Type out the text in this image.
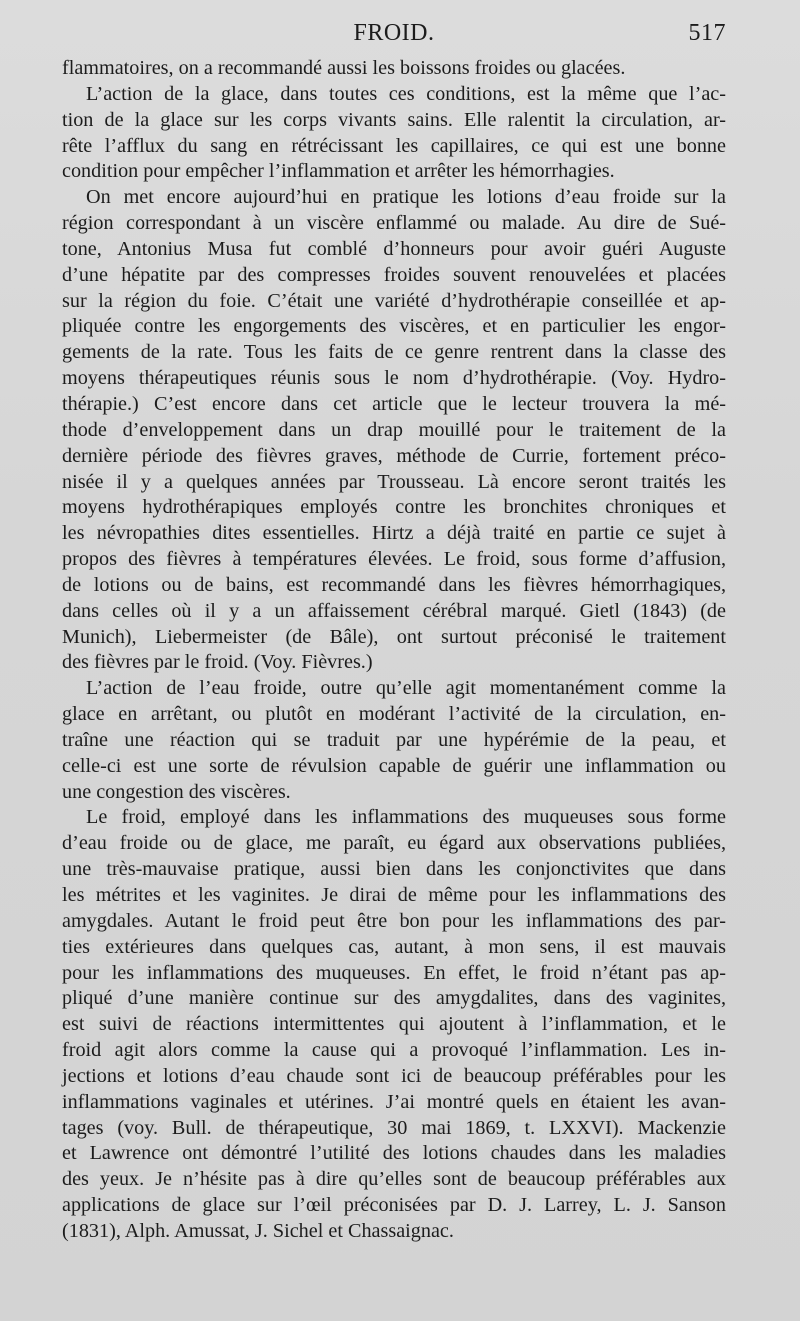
FROID.	517
flammatoires, on a recommandé aussi les boissons froides ou glacées.
L’action de la glace, dans toutes ces conditions, est la même que l’ac-
tion de la glace sur les corps vivants sains. Elle ralentit la circulation, ar-
rête l’afflux du sang en rétrécissant les capillaires, ce qui est une bonne
condition pour empêcher l’inflammation et arrêter les hémorrhagies.
On met encore aujourd’hui en pratique les lotions d’eau froide sur la
région correspondant à un viscère enflammé ou malade. Au dire de Sué-
tone, Antonius Musa fut comblé d’honneurs pour avoir guéri Auguste
d’une hépatite par des compresses froides souvent renouvelées et placées
sur la région du foie. C’était une variété d’hydrothérapie conseillée et ap-
pliquée contre les engorgements des viscères, et en particulier les engor-
gements de la rate. Tous les faits de ce genre rentrent dans la classe des
moyens thérapeutiques réunis sous le nom d’hydrothérapie. (Voy. Hydro-
thérapie.) C’est encore dans cet article que le lecteur trouvera la mé-
thode d’enveloppement dans un drap mouillé pour le traitement de la
dernière période des fièvres graves, méthode de Currie, fortement préco-
nisée il y a quelques années par Trousseau. Là encore seront traités les
moyens hydrothérapiques employés contre les bronchites chroniques et
les névropathies dites essentielles. Hirtz a déjà traité en partie ce sujet à
propos des fièvres à températures élevées. Le froid, sous forme d’affusion,
de lotions ou de bains, est recommandé dans les fièvres hémorrhagiques,
dans celles où il y a un affaissement cérébral marqué. Gietl (1843) (de
Munich), Liebermeister (de Bâle), ont surtout préconisé le traitement
des fièvres par le froid. (Voy. Fièvres.)
L’action de l’eau froide, outre qu’elle agit momentanément comme la
glace en arrêtant, ou plutôt en modérant l’activité de la circulation, en-
traîne une réaction qui se traduit par une hypérémie de la peau, et
celle-ci est une sorte de révulsion capable de guérir une inflammation ou
une congestion des viscères.
Le froid, employé dans les inflammations des muqueuses sous forme
d’eau froide ou de glace, me paraît, eu égard aux observations publiées,
une très-mauvaise pratique, aussi bien dans les conjonctivites que dans
les métrites et les vaginites. Je dirai de même pour les inflammations des
amygdales. Autant le froid peut être bon pour les inflammations des par-
ties extérieures dans quelques cas, autant, à mon sens, il est mauvais
pour les inflammations des muqueuses. En effet, le froid n’étant pas ap-
pliqué d’une manière continue sur des amygdalites, dans des vaginites,
est suivi de réactions intermittentes qui ajoutent à l’inflammation, et le
froid agit alors comme la cause qui a provoqué l’inflammation. Les in-
jections et lotions d’eau chaude sont ici de beaucoup préférables pour les
inflammations vaginales et utérines. J’ai montré quels en étaient les avan-
tages (voy. Bull. de thérapeutique, 30 mai 1869, t. LXXVI). Mackenzie
et Lawrence ont démontré l’utilité des lotions chaudes dans les maladies
des yeux. Je n’hésite pas à dire qu’elles sont de beaucoup préférables aux
applications de glace sur l’œil préconisées par D. J. Larrey, L. J. Sanson
(1831), Alph. Amussat, J. Sichel et Chassaignac.
